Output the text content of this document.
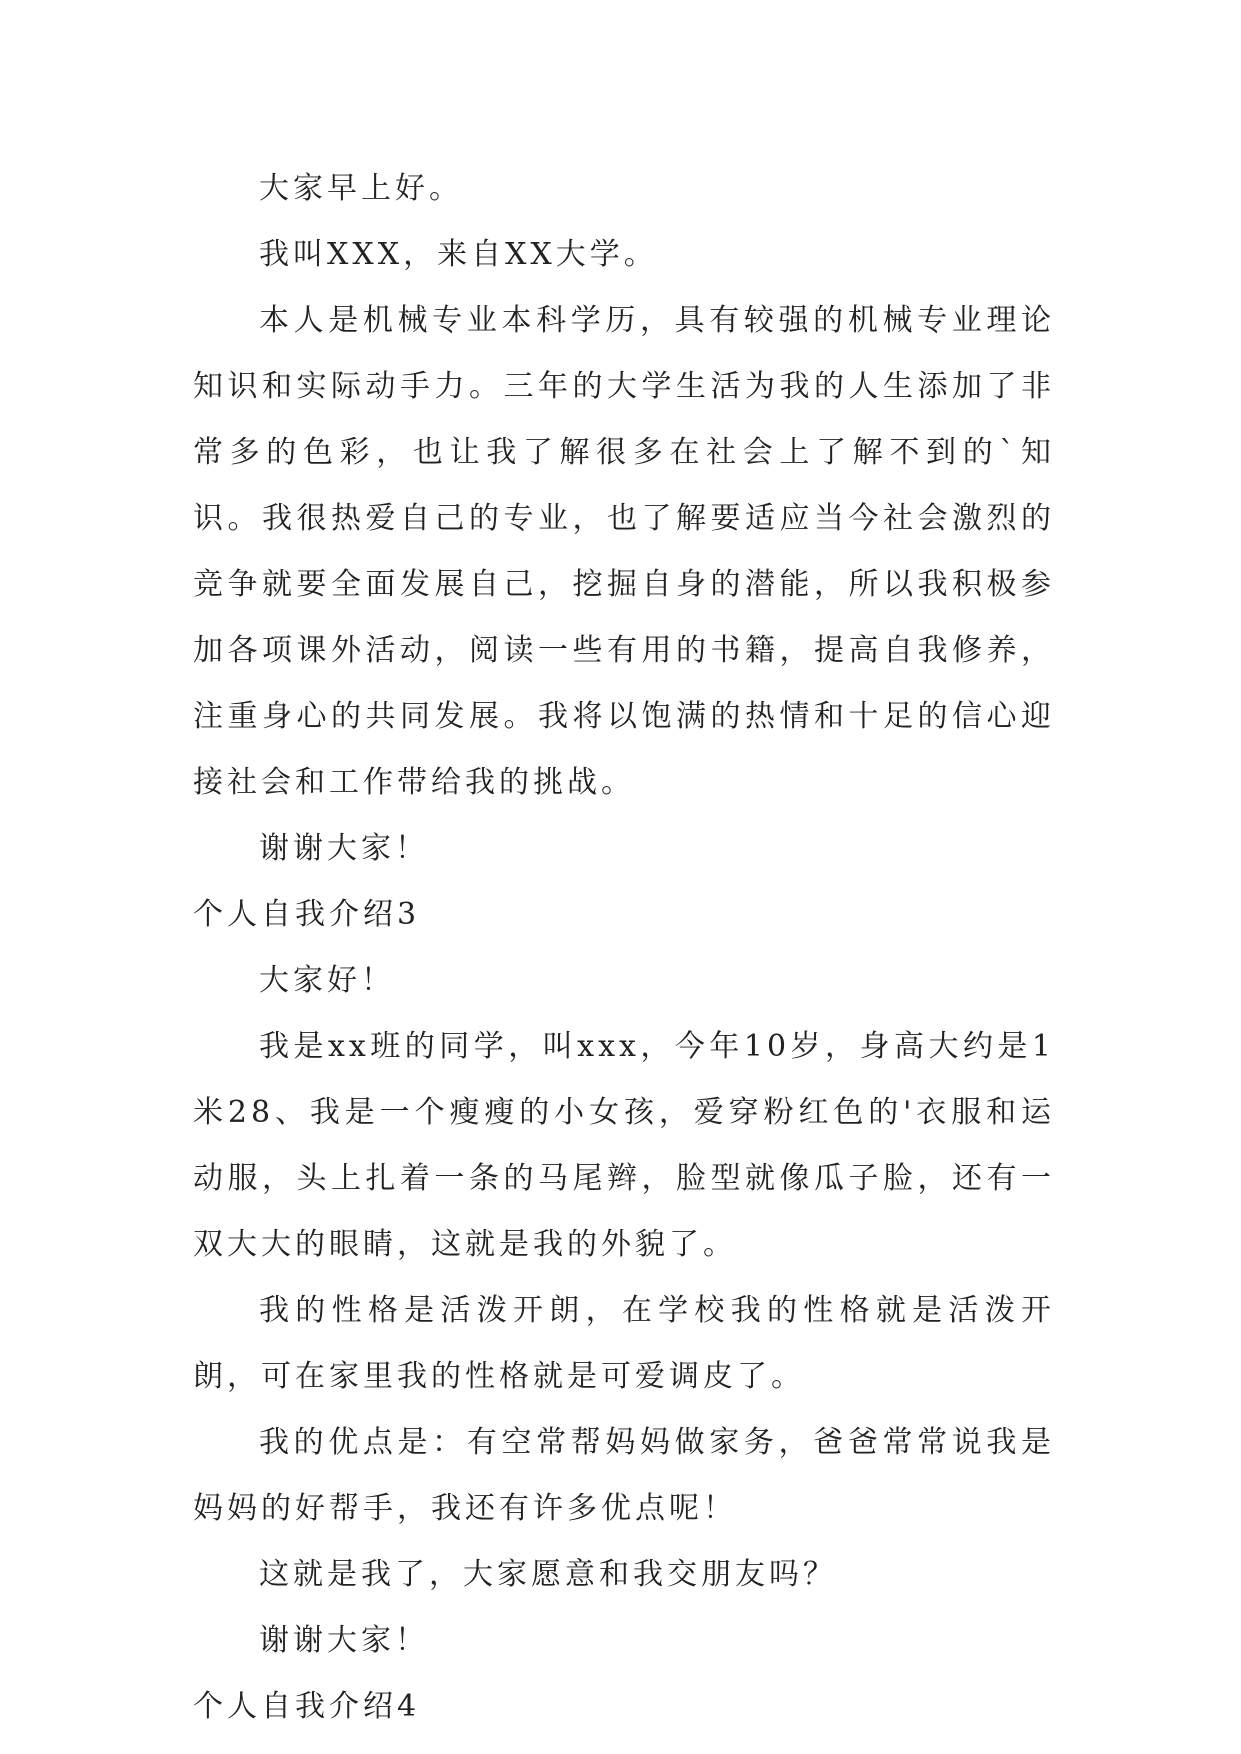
大家早上好。

我叫XXX，来自XX大学。

本人是机械专业本科学历，具有较强的机械专业理论知识和实际动手力。三年的大学生活为我的人生添加了非常多的色彩，也让我了解很多在社会上了解不到的`知识。我很热爱自己的专业，也了解要适应当今社会激烈的竞争就要全面发展自己，挖掘自身的潜能，所以我积极参加各项课外活动，阅读一些有用的书籍，提高自我修养，注重身心的共同发展。我将以饱满的热情和十足的信心迎接社会和工作带给我的挑战。

谢谢大家！

个人自我介绍3

大家好！

我是xx班的同学，叫xxx，今年10岁，身高大约是1米28、我是一个瘦瘦的小女孩，爱穿粉红色的'衣服和运动服，头上扎着一条的马尾辫，脸型就像瓜子脸，还有一双大大的眼睛，这就是我的外貌了。

我的性格是活泼开朗，在学校我的性格就是活泼开朗，可在家里我的性格就是可爱调皮了。

我的优点是：有空常帮妈妈做家务，爸爸常常说我是妈妈的好帮手，我还有许多优点呢！

这就是我了，大家愿意和我交朋友吗？

谢谢大家！

个人自我介绍4
